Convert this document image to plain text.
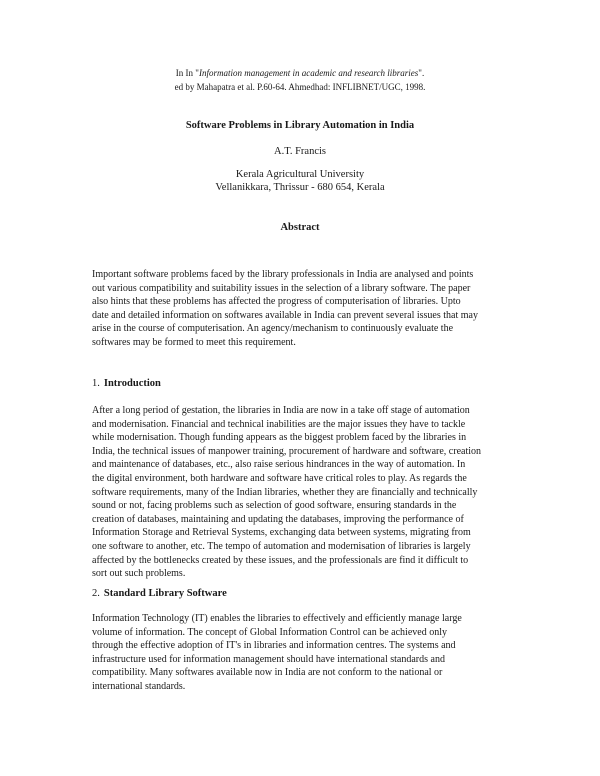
In In "Information management in academic and research libraries".
ed by Mahapatra et al. P.60-64. Ahmedhad: INFLIBNET/UGC, 1998.
Software Problems in Library Automation in India
A.T. Francis
Kerala Agricultural University
Vellanikkara, Thrissur - 680 654, Kerala
Abstract
Important software problems faced by the library professionals in India are analysed and points
out various compatibility and suitability issues in the selection of a library software. The paper
also hints that these problems has affected the progress of computerisation of libraries. Upto
date and detailed information on softwares available in India can prevent several issues that may
arise in the course of computerisation. An agency/mechanism to continuously evaluate the
softwares may be formed to meet this requirement.
1. Introduction
After a long period of gestation, the libraries in India are now in a take off stage of automation
and modernisation. Financial and technical inabilities are the major issues they have to tackle
while modernisation. Though funding appears as the biggest problem faced by the libraries in
India, the technical issues of manpower training, procurement of hardware and software, creation
and maintenance of databases, etc., also raise serious hindrances in the way of automation. In
the digital environment, both hardware and software have critical roles to play. As regards the
software requirements, many of the Indian libraries, whether they are financially and technically
sound or not, facing problems such as selection of good software, ensuring standards in the
creation of databases, maintaining and updating the databases, improving the performance of
Information Storage and Retrieval Systems, exchanging data between systems, migrating from
one software to another, etc. The tempo of automation and modernisation of libraries is largely
affected by the bottlenecks created by these issues, and the professionals are find it difficult to
sort out such problems.
2. Standard Library Software
Information Technology (IT) enables the libraries to effectively and efficiently manage large
volume of information. The concept of Global Information Control can be achieved only
through the effective adoption of IT's in libraries and information centres. The systems and
infrastructure used for information management should have international standards and
compatibility. Many softwares available now in India are not conform to the national or
international standards.
